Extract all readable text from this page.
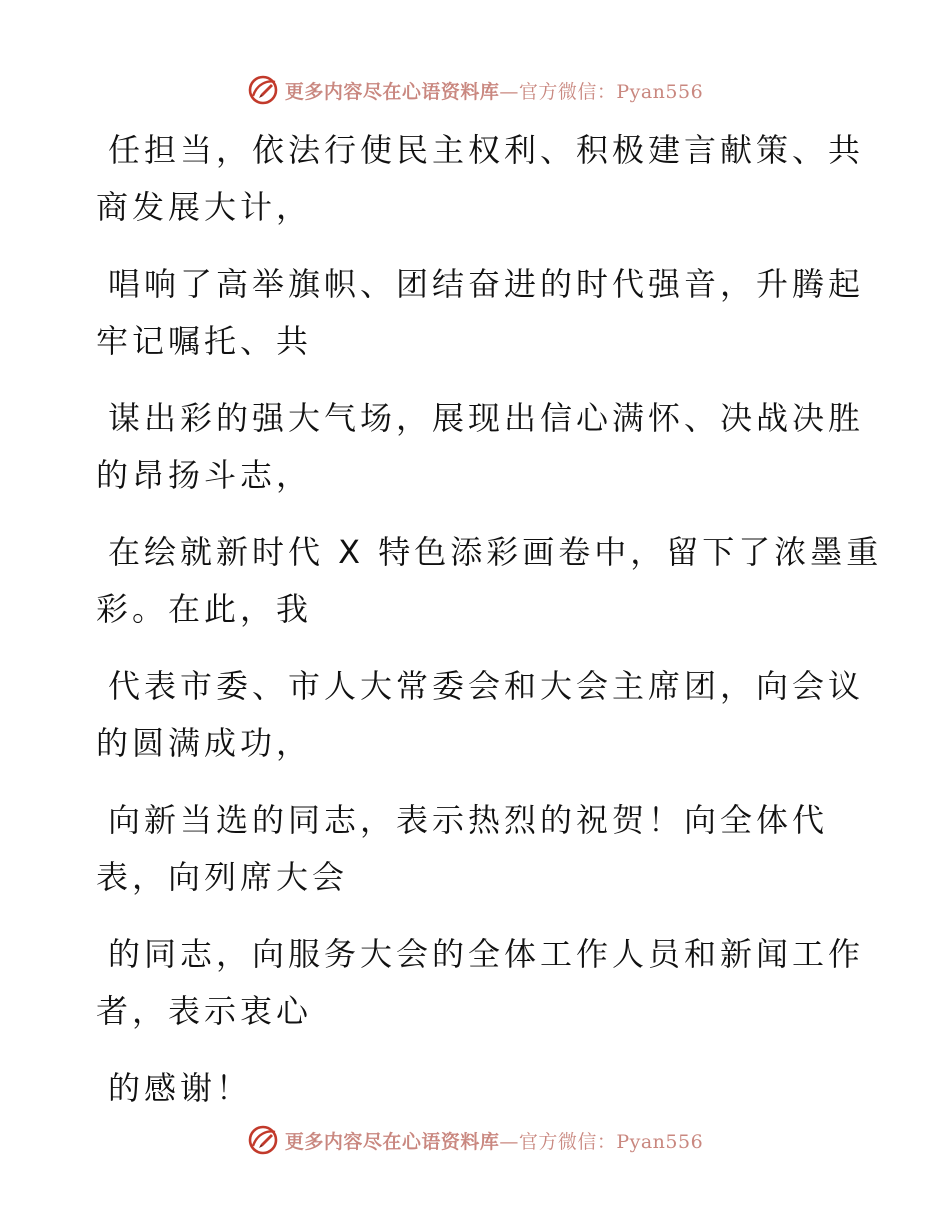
更多内容尽在心语资料库—官方微信：Pyan556

任担当，依法行使民主权利、积极建言献策、共
商发展大计，

唱响了高举旗帜、团结奋进的时代强音，升腾起
牢记嘱托、共

谋出彩的强大气场，展现出信心满怀、决战决胜
的昂扬斗志，

在绘就新时代 X 特色添彩画卷中，留下了浓墨重
彩。在此，我

代表市委、市人大常委会和大会主席团，向会议
的圆满成功，

向新当选的同志，表示热烈的祝贺！向全体代
表，向列席大会

的同志，向服务大会的全体工作人员和新闻工作
者，表示衷心

的感谢！

更多内容尽在心语资料库—官方微信：Pyan556
